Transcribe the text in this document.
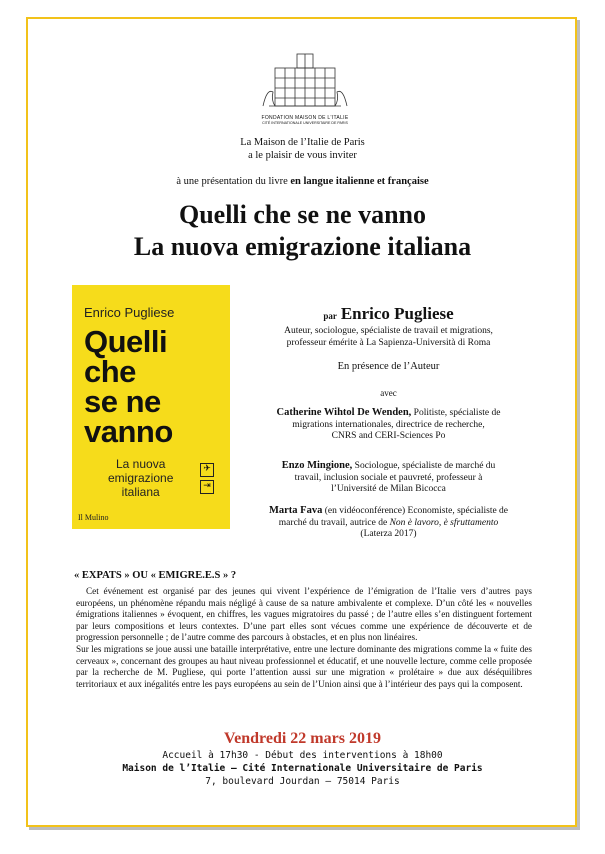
FONDATION MAISON DE L'ITALIE
CITÉ INTERNATIONALE UNIVERSITAIRE DE PARIS
La Maison de l’Italie de Paris
a le plaisir de vous inviter
à une présentation du livre en langue italienne et française
Quelli che se ne vanno
La nuova emigrazione italiana
Enrico Pugliese
Quelli
che
se ne
vanno
La nuova
emigrazione
italiana
✈
⇥
Il Mulino
par Enrico Pugliese
Auteur, sociologue, spécialiste de travail et migrations,
professeur émérite à La Sapienza-Università di Roma
En présence de l’Auteur
avec
Catherine Wihtol De Wenden, Politiste, spécialiste de
migrations internationales, directrice de recherche,
CNRS and CERI-Sciences Po
Enzo Mingione, Sociologue, spécialiste de marché du
travail, inclusion sociale et pauvreté, professeur à
l’Université de Milan Bicocca
Marta Fava (en vidéoconférence) Economiste, spécialiste de
marché du travail, autrice de Non è lavoro, è sfruttamento
(Laterza 2017)
« EXPATS » OU « EMIGRE.E.S » ?

Cet événement est organisé par des jeunes qui vivent l’expérience de l’émigration de l’Italie vers d’autres pays européens, un phénomène répandu mais négligé à cause de sa nature ambivalente et complexe. D’un côté les « nouvelles émigrations italiennes » évoquent, en chiffres, les vagues migratoires du passé ; de l’autre elles s’en distinguent fortement par leurs compositions et leurs contextes. D’une part elles sont vécues comme une expérience de découverte et de progression personnelle ; de l’autre comme des parcours à obstacles, et en plus non linéaires.

Sur les migrations se joue aussi une bataille interprétative, entre une lecture dominante des migrations comme la « fuite des cerveaux », concernant des groupes au haut niveau professionnel et éducatif, et une nouvelle lecture, comme celle proposée par la recherche de M. Pugliese, qui porte l’attention aussi sur une migration « prolétaire » due aux déséquilibres territoriaux et aux inégalités entre les pays européens au sein de l’Union ainsi que à l’intérieur des pays qui la composent.

Vendredi 22 mars 2019
Accueil à 17h30 - Début des interventions à 18h00
Maison de l’Italie – Cité Internationale Universitaire de Paris
7, boulevard Jourdan – 75014 Paris
